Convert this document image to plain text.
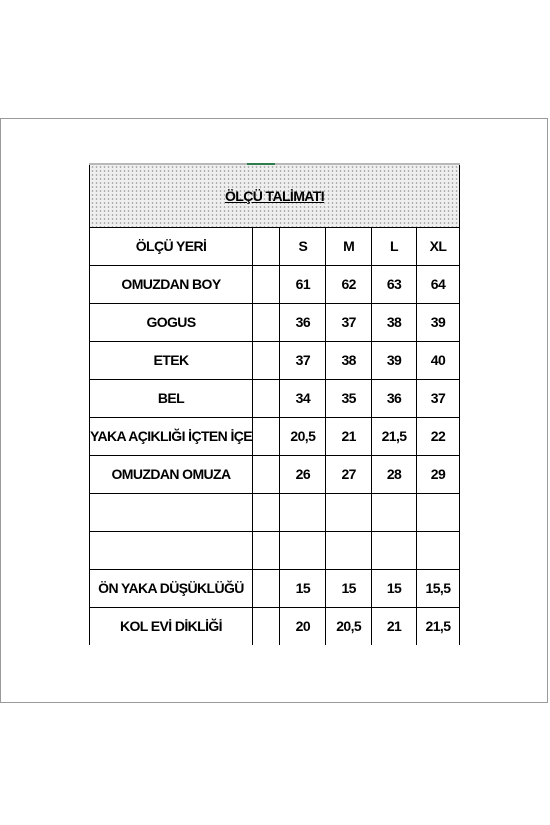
ÖLÇÜ TALİMATI					
ÖLÇÜ YERİ		S	M	L	XL
OMUZDAN BOY		61	62	63	64
GOGUS		36	37	38	39
ETEK		37	38	39	40
BEL		34	35	36	37
YAKA AÇIKLIĞI İÇTEN İÇE		20,5	21	21,5	22
OMUZDAN OMUZA		26	27	28	29

ÖN YAKA DÜŞÜKLÜĞÜ		15	15	15	15,5
KOL EVİ DİKLİĞİ		20	20,5	21	21,5
